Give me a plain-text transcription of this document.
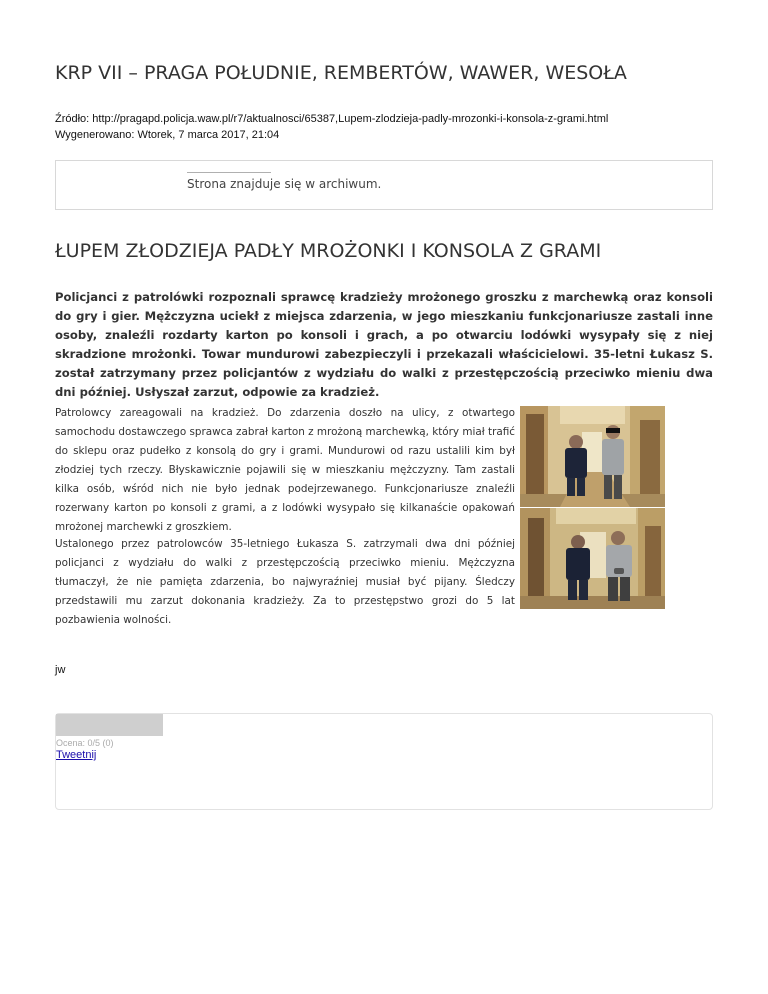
KRP VII – PRAGA POŁUDNIE, REMBERTÓW, WAWER, WESOŁA
Źródło: http://pragapd.policja.waw.pl/r7/aktualnosci/65387,Lupem-zlodzieja-padly-mrozonki-i-konsola-z-grami.html
Wygenerowano: Wtorek, 7 marca 2017, 21:04
Strona znajduje się w archiwum.
ŁUPEM ZŁODZIEJA PADŁY MROŻONKI I KONSOLA Z GRAMI

Policjanci z patrolówki rozpoznali sprawcę kradzieży mrożonego groszku z marchewką oraz konsoli do gry i gier. Mężczyzna uciekł z miejsca zdarzenia, w jego mieszkaniu funkcjonariusze zastali inne osoby, znaleźli rozdarty karton po konsoli i grach, a po otwarciu lodówki wysypały się z niej skradzione mrożonki. Towar mundurowi zabezpieczyli i przekazali właścicielowi. 35-letni Łukasz S. został zatrzymany przez policjantów z wydziału do walki z przestępczością przeciwko mieniu dwa dni później. Usłyszał zarzut, odpowie za kradzież.

Patrolowcy zareagowali na kradzież. Do zdarzenia doszło na ulicy, z otwartego samochodu dostawczego sprawca zabrał karton z mrożoną marchewką, który miał trafić do sklepu oraz pudełko z konsolą do gry i grami. Mundurowi od razu ustalili kim był złodziej tych rzeczy. Błyskawicznie pojawili się w mieszkaniu mężczyzny. Tam zastali kilka osób, wśród nich nie było jednak podejrzewanego. Funkcjonariusze znaleźli rozerwany karton po konsoli z grami, a z lodówki wysypało się kilkanaście opakowań mrożonej marchewki z groszkiem.

Ustalonego przez patrolowców 35-letniego Łukasza S. zatrzymali dwa dni później policjanci z wydziału do walki z przestępczością przeciwko mieniu. Mężczyzna tłumaczył, że nie pamięta zdarzenia, bo najwyraźniej musiał być pijany. Śledczy przedstawili mu zarzut dokonania kradzieży. Za to przestępstwo grozi do 5 lat pozbawienia wolności.

jw
Ocena: 0/5 (0)
Tweetnij
